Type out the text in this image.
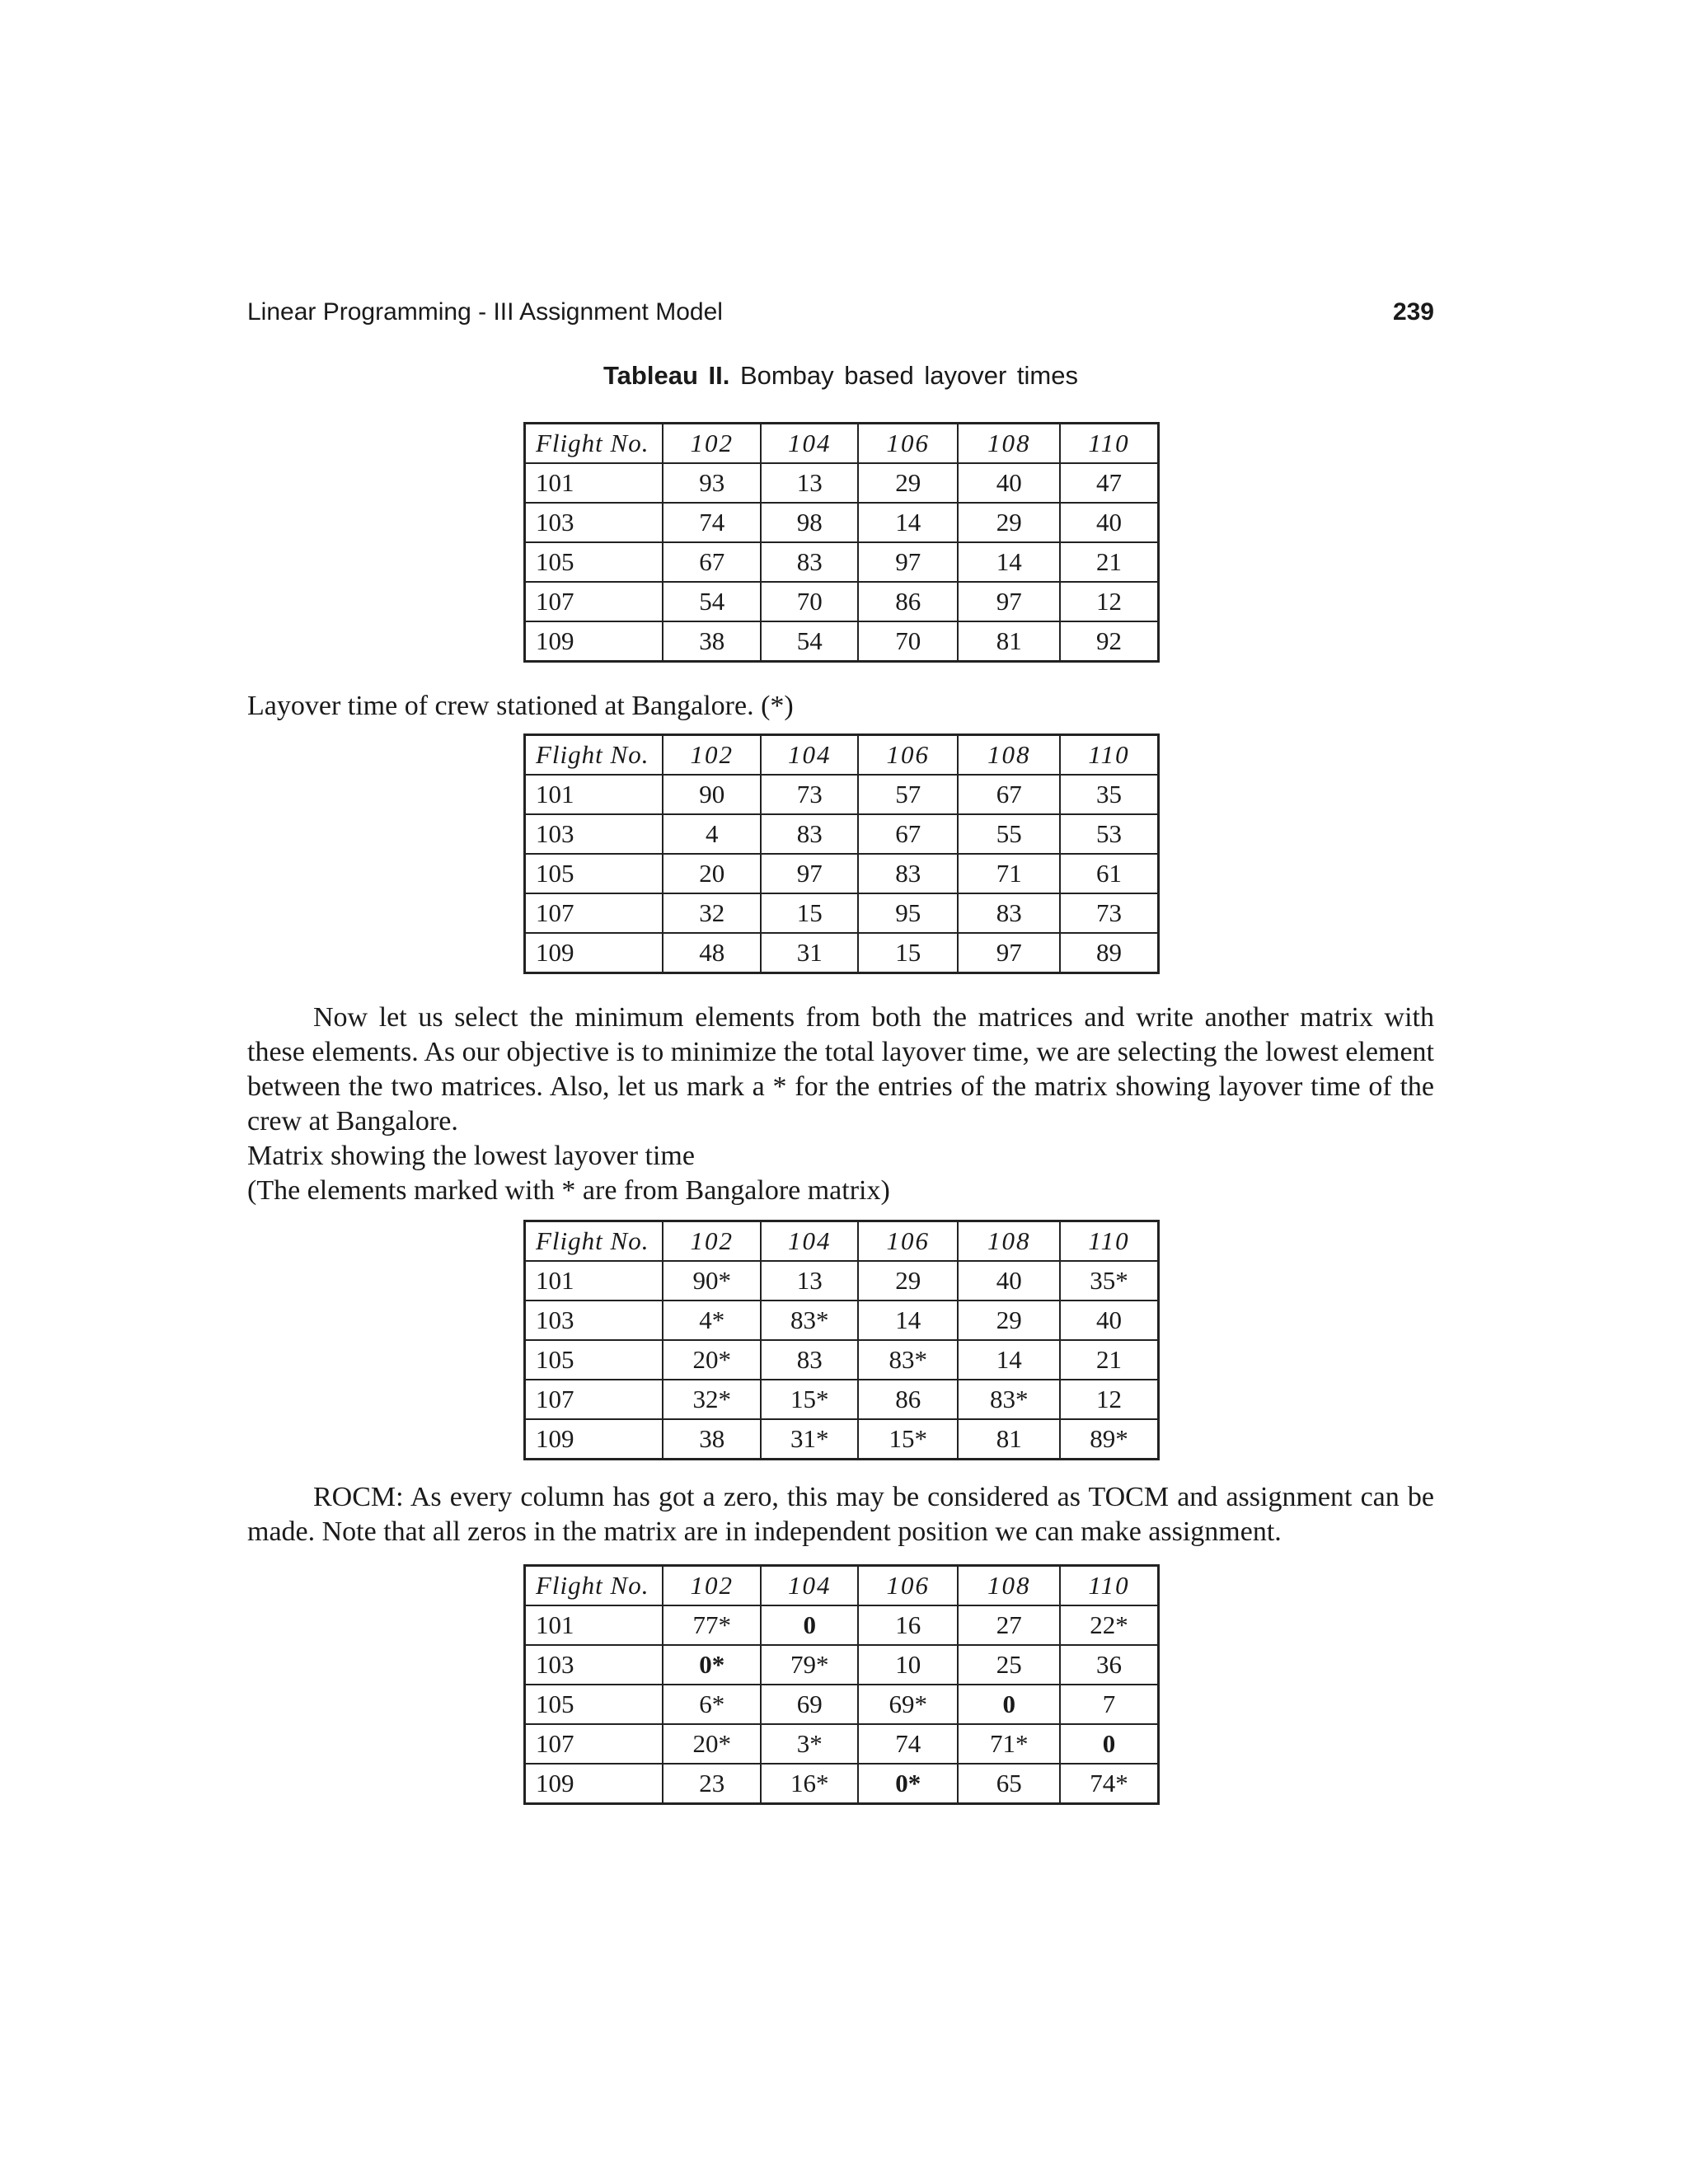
Linear Programming - III Assignment Model	239
Tableau II. Bombay based layover times
Flight No.	102	104	106	108	110
101	93	13	29	40	47
103	74	98	14	29	40
105	67	83	97	14	21
107	54	70	86	97	12
109	38	54	70	81	92

Layover time of crew stationed at Bangalore. (*)

Flight No.	102	104	106	108	110
101	90	73	57	67	35
103	4	83	67	55	53
105	20	97	83	71	61
107	32	15	95	83	73
109	48	31	15	97	89

Now let us select the minimum elements from both the matrices and write another matrix with these elements. As our objective is to minimize the total layover time, we are selecting the lowest element between the two matrices. Also, let us mark a * for the entries of the matrix showing layover time of the crew at Bangalore.

Matrix showing the lowest layover time

(The elements marked with * are from Bangalore matrix)

Flight No.	102	104	106	108	110
101	90*	13	29	40	35*
103	4*	83*	14	29	40
105	20*	83	83*	14	21
107	32*	15*	86	83*	12
109	38	31*	15*	81	89*

ROCM: As every column has got a zero, this may be considered as TOCM and assignment can be made. Note that all zeros in the matrix are in independent position we can make assignment.

Flight No.	102	104	106	108	110
101	77*	0	16	27	22*
103	0*	79*	10	25	36
105	6*	69	69*	0	7
107	20*	3*	74	71*	0
109	23	16*	0*	65	74*
